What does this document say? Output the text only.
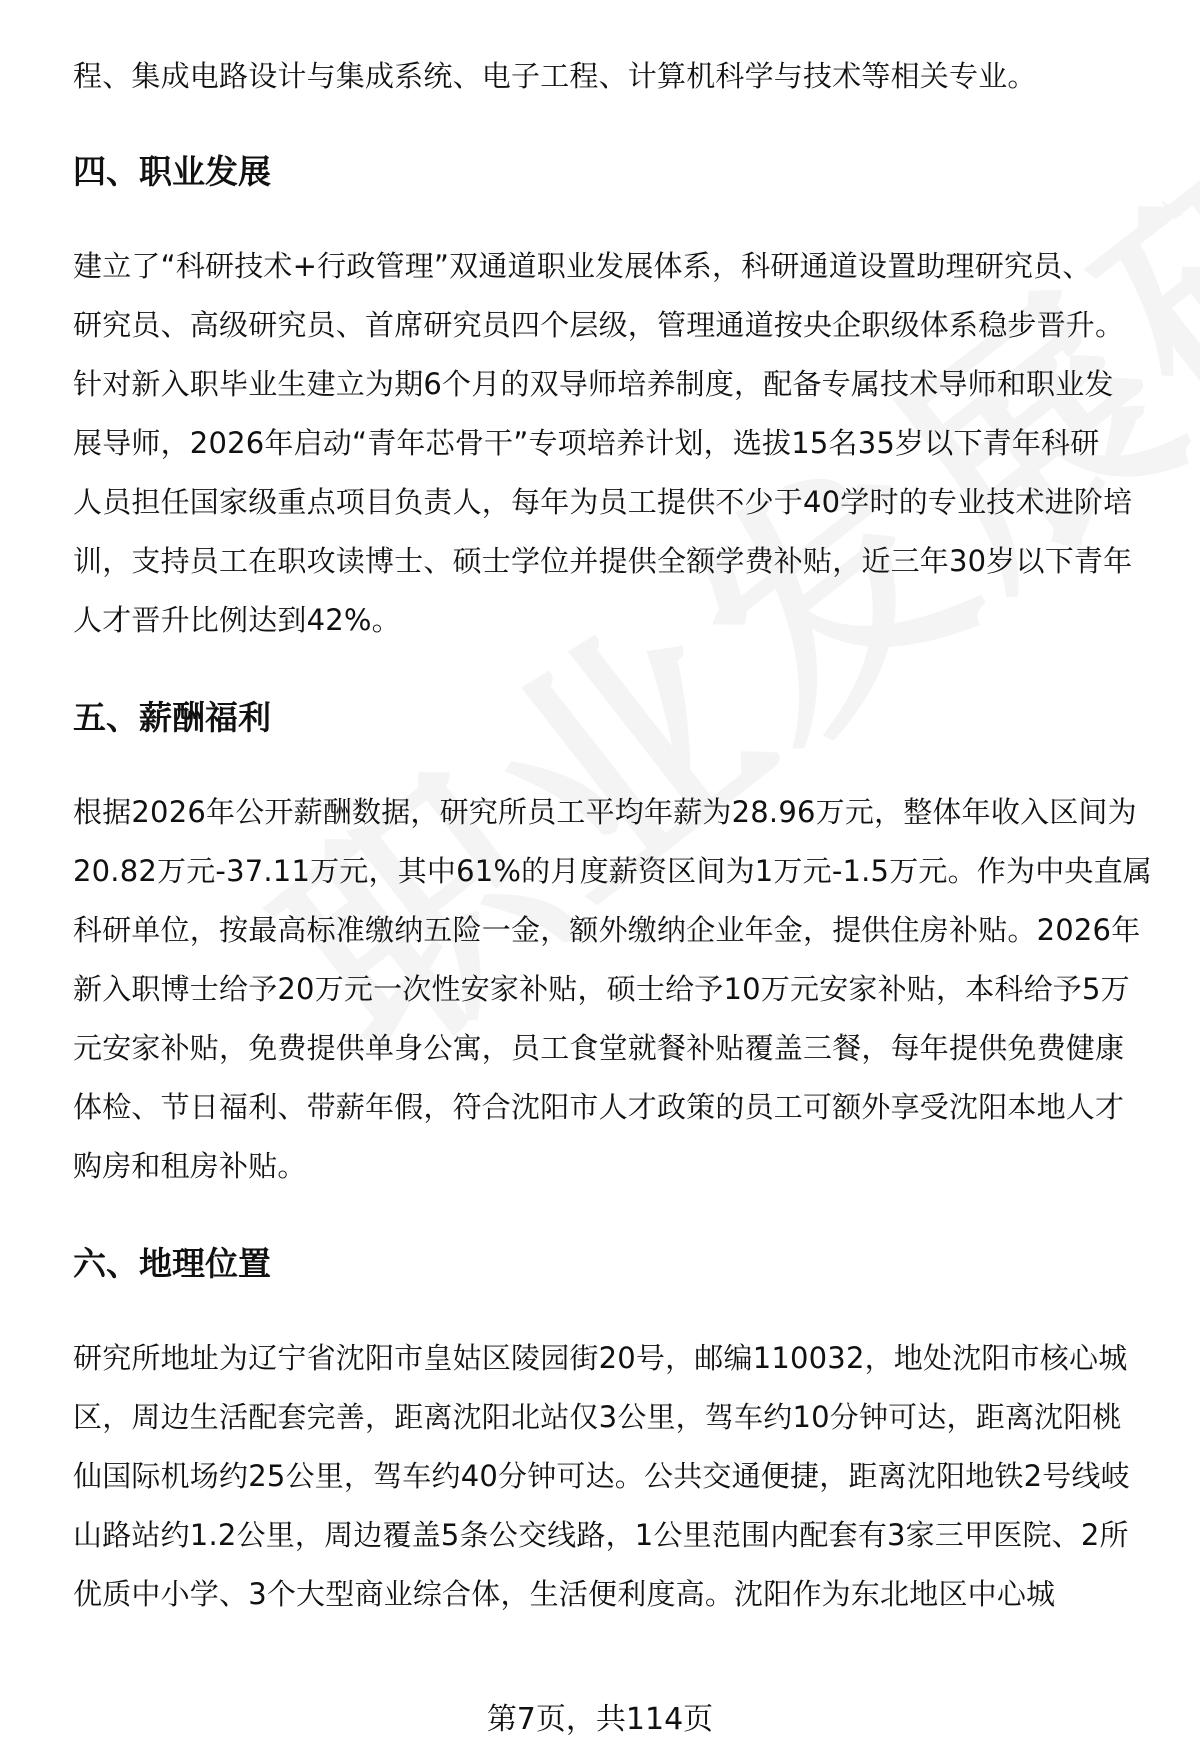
程、集成电路设计与集成系统、电子工程、计算机科学与技术等相关专业。
四、职业发展
建立了“科研技术+行政管理”双通道职业发展体系，科研通道设置助理研究员、
研究员、高级研究员、首席研究员四个层级，管理通道按央企职级体系稳步晋升。
针对新入职毕业生建立为期6个月的双导师培养制度，配备专属技术导师和职业发
展导师，2026年启动“青年芯骨干”专项培养计划，选拔15名35岁以下青年科研
人员担任国家级重点项目负责人，每年为员工提供不少于40学时的专业技术进阶培
训，支持员工在职攻读博士、硕士学位并提供全额学费补贴，近三年30岁以下青年
人才晋升比例达到42%。
五、薪酬福利
根据2026年公开薪酬数据，研究所员工平均年薪为28.96万元，整体年收入区间为
20.82万元-37.11万元，其中61%的月度薪资区间为1万元-1.5万元。作为中央直属
科研单位，按最高标准缴纳五险一金，额外缴纳企业年金，提供住房补贴。2026年
新入职博士给予20万元一次性安家补贴，硕士给予10万元安家补贴，本科给予5万
元安家补贴，免费提供单身公寓，员工食堂就餐补贴覆盖三餐，每年提供免费健康
体检、节日福利、带薪年假，符合沈阳市人才政策的员工可额外享受沈阳本地人才
购房和租房补贴。
六、地理位置
研究所地址为辽宁省沈阳市皇姑区陵园街20号，邮编110032，地处沈阳市核心城
区，周边生活配套完善，距离沈阳北站仅3公里，驾车约10分钟可达，距离沈阳桃
仙国际机场约25公里，驾车约40分钟可达。公共交通便捷，距离沈阳地铁2号线岐
山路站约1.2公里，周边覆盖5条公交线路，1公里范围内配套有3家三甲医院、2所
优质中小学、3个大型商业综合体，生活便利度高。沈阳作为东北地区中心城
第7页，共114页
